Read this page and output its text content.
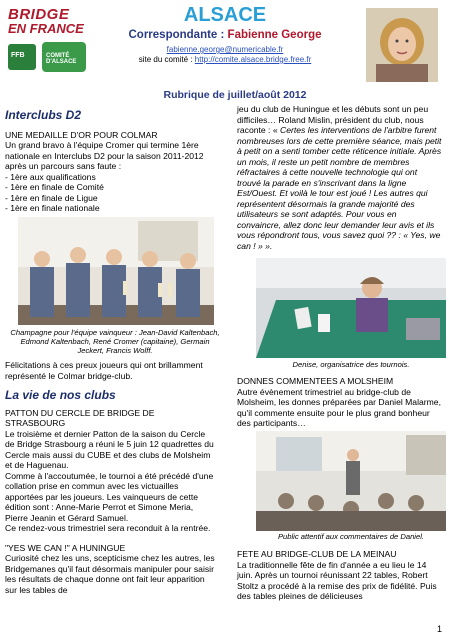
BRIDGE
EN FRANCE
FFB	COMITÉ D'ALSACE
ALSACE
Correspondante : Fabienne George
fabienne.george@numericable.fr
site du comité : http://comite.alsace.bridge.free.fr
Rubrique de juillet/août 2012

Interclubs D2

UNE MEDAILLE D'OR POUR COLMAR

Un grand bravo à l'équipe Cromer qui termine 1ère nationale en Interclubs D2 pour la saison 2011-2012 après un parcours sans faute :

- 1ère aux qualifications

- 1ère en finale de Comité

- 1ère en finale de Ligue

- 1ère en finale nationale

Champagne pour l'équipe vainqueur : Jean-David Kaltenbach, Edmond Kaltenbach, René Cromer (capitaine), Germain Jeckert, Francis Wolff.

Félicitations à ces preux joueurs qui ont brillamment représenté le Colmar bridge-club.

La vie de nos clubs

PATTON DU CERCLE DE BRIDGE DE STRASBOURG

Le troisième et dernier Patton de la saison du Cercle de Bridge Strasbourg a réuni le 5 juin 12 quadrettes du Cercle mais aussi du CUBE et des clubs de Molsheim et de Haguenau.

Comme à l'accoutumée, le tournoi a été précédé d'une collation prise en commun avec les victuailles apportées par les joueurs. Les vainqueurs de cette édition sont : Anne-Marie Perrot et Simone Meria, Pierre Jeanin et Gérard Samuel.

Ce rendez-vous trimestriel sera reconduit à la rentrée.

"YES WE CAN !" A HUNINGUE

Curiosité chez les uns, scepticisme chez les autres, les Bridgemanes qu'il faut désormais manipuler pour saisir les résultats de chaque donne ont fait leur apparition sur les tables de

jeu du club de Huningue et les débuts sont un peu difficiles… Roland Mislin, président du club, nous raconte : « Certes les interventions de l'arbitre furent nombreuses lors de cette première séance, mais petit à petit on a senti tomber cette réticence initiale. Après un mois, il reste un petit nombre de membres réfractaires à cette nouvelle technologie qui ont trouvé la parade en s'inscrivant dans la ligne Est/Ouest. Et voilà le tour est joué ! Les autres qui représentent désormais la grande majorité des utilisateurs se sont adaptés. Pour vous en convaincre, allez donc leur demander leur avis et ils vous répondront tous, vous savez quoi ?? : « Yes, we can ! » ».

Denise, organisatrice des tournois.

DONNES COMMENTEES A MOLSHEIM

Autre évènement trimestriel au bridge-club de Molsheim, les donnes préparées par Daniel Malarme, qu'il commente ensuite pour le plus grand bonheur des participants…

Public attentif aux commentaires de Daniel.

FETE AU BRIDGE-CLUB DE LA MEINAU

La traditionnelle fête de fin d'année a eu lieu le 14 juin. Après un tournoi réunissant 22 tables, Robert Stoltz a procédé à la remise des prix de fidélité. Puis des tables pleines de délicieuses

1
